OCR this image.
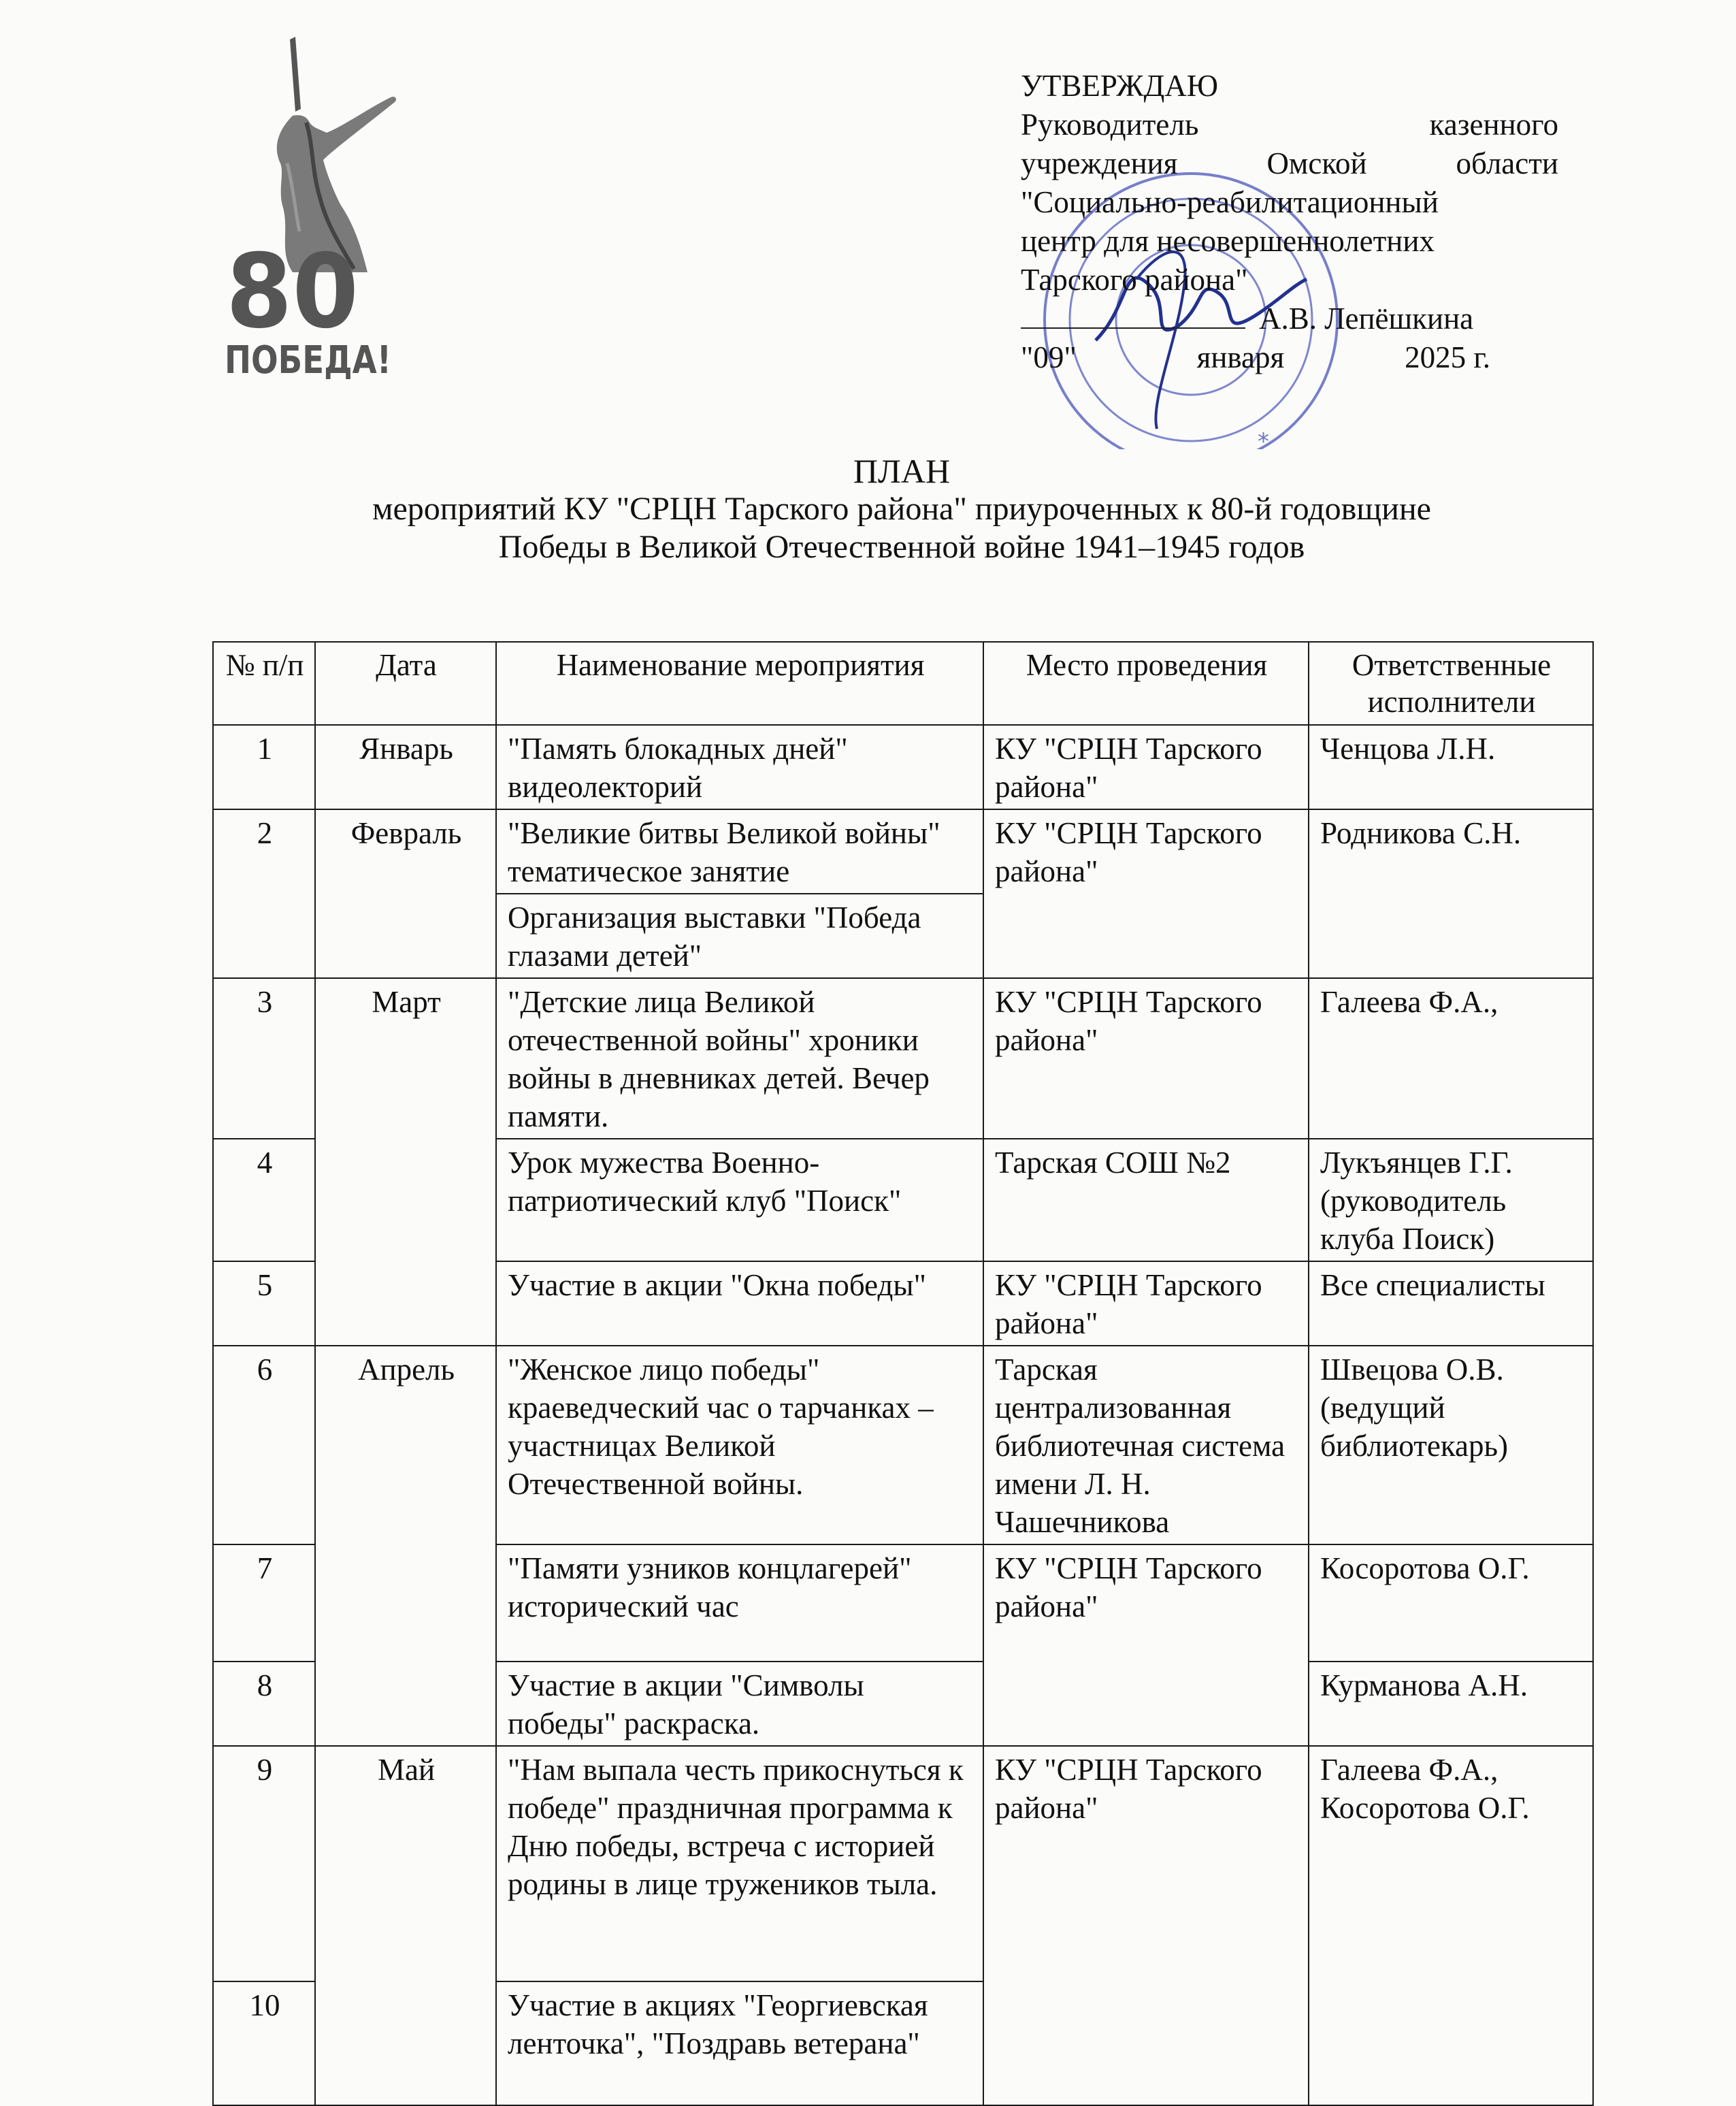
80
ПОБЕДА!
*
УТВЕРЖДАЮ
Руководитель	казенного
учреждения	Омской	области
"Социально-реабилитационный
центр для несовершеннолетних
Тарского района"
А.В. Лепёшкина
"09"	января	2025 г.
ПЛАН
мероприятий КУ "СРЦН Тарского района" приуроченных к 80-й годовщине
Победы в Великой Отечественной войне 1941–1945 годов
№ п/п	Дата	Наименование мероприятия	Место проведения	Ответственные исполнители
1	Январь	"Память блокадных дней" видеолекторий	КУ "СРЦН Тарского района"	Ченцова Л.Н.
2	Февраль	"Великие битвы Великой войны" тематическое занятие	КУ "СРЦН Тарского района"	Родникова С.Н.
		Организация выставки "Победа глазами детей"		
3	Март	"Детские лица Великой отечественной войны" хроники войны в дневниках детей. Вечер памяти.	КУ "СРЦН Тарского района"	Галеева Ф.А.,
4		Урок мужества Военно-патриотический клуб "Поиск"	Тарская СОШ №2	Лукъянцев Г.Г. (руководитель клуба Поиск)
5		Участие в акции "Окна победы"	КУ "СРЦН Тарского района"	Все специалисты
6	Апрель	"Женское лицо победы" краеведческий час о тарчанках – участницах Великой Отечественной войны.	Тарская централизованная библиотечная система имени Л. Н. Чашечникова	Швецова О.В. (ведущий библиотекарь)
7		"Памяти узников концлагерей" исторический час	КУ "СРЦН Тарского района"	Косоротова О.Г.
8		Участие в акции "Символы победы" раскраска.		Курманова А.Н.
9	Май	"Нам выпала честь прикоснуться к победе" праздничная программа к Дню победы, встреча с историей родины в лице тружеников тыла.	КУ "СРЦН Тарского района"	Галеева Ф.А., Косоротова О.Г.
10		Участие в акциях "Георгиевская ленточка", "Поздравь ветерана"		
